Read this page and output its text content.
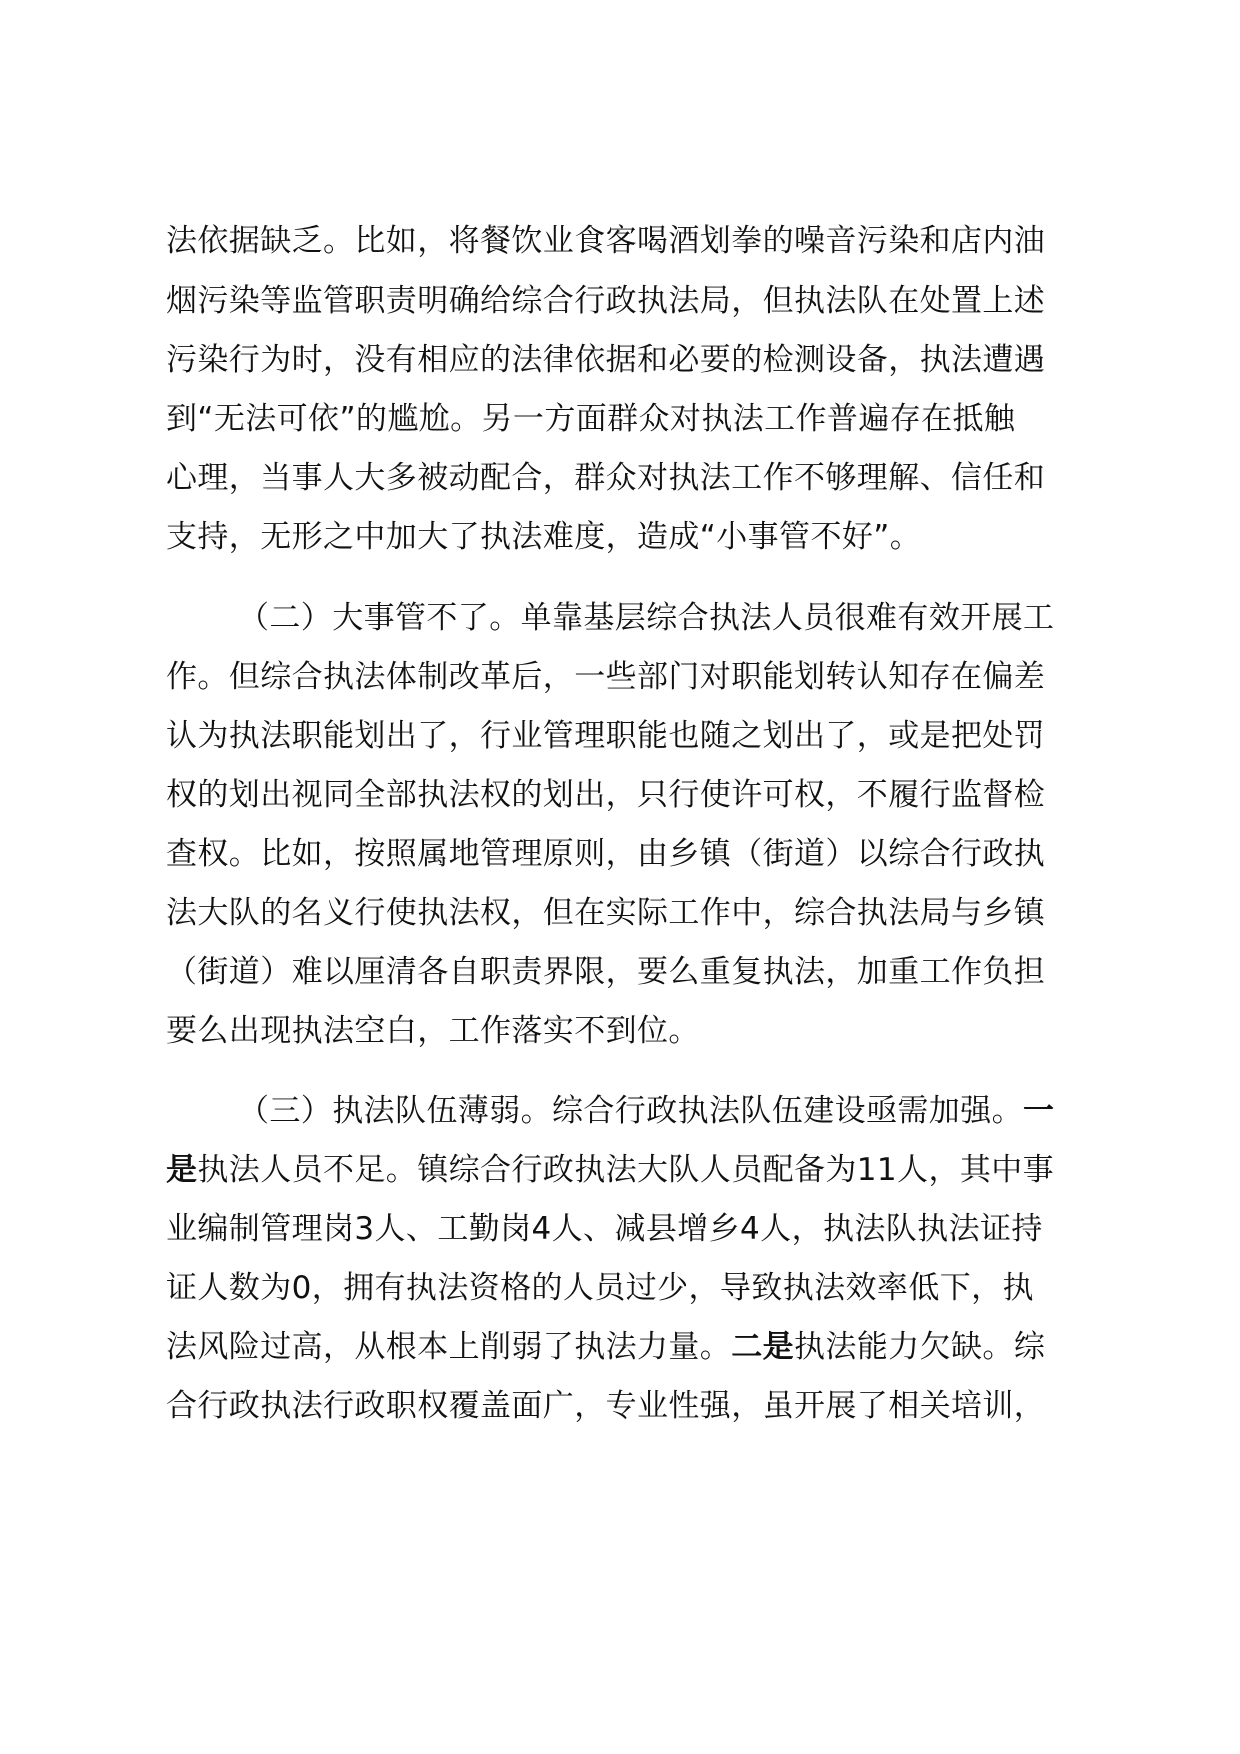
法依据缺乏。比如，将餐饮业食客喝酒划拳的噪音污染和店内油
烟污染等监管职责明确给综合行政执法局，但执法队在处置上述
污染行为时，没有相应的法律依据和必要的检测设备，执法遭遇
到“无法可依”的尴尬。另一方面群众对执法工作普遍存在抵触
心理，当事人大多被动配合，群众对执法工作不够理解、信任和
支持，无形之中加大了执法难度，造成“小事管不好”。
（二）大事管不了。单靠基层综合执法人员很难有效开展工
作。但综合执法体制改革后，一些部门对职能划转认知存在偏差
认为执法职能划出了，行业管理职能也随之划出了，或是把处罚
权的划出视同全部执法权的划出，只行使许可权，不履行监督检
查权。比如，按照属地管理原则，由乡镇（街道）以综合行政执
法大队的名义行使执法权，但在实际工作中，综合执法局与乡镇
（街道）难以厘清各自职责界限，要么重复执法，加重工作负担
要么出现执法空白，工作落实不到位。
（三）执法队伍薄弱。综合行政执法队伍建设亟需加强。一
是执法人员不足。镇综合行政执法大队人员配备为11人，其中事
业编制管理岗3人、工勤岗4人、减县增乡4人，执法队执法证持
证人数为0，拥有执法资格的人员过少，导致执法效率低下，执
法风险过高，从根本上削弱了执法力量。二是执法能力欠缺。综
合行政执法行政职权覆盖面广，专业性强，虽开展了相关培训，
